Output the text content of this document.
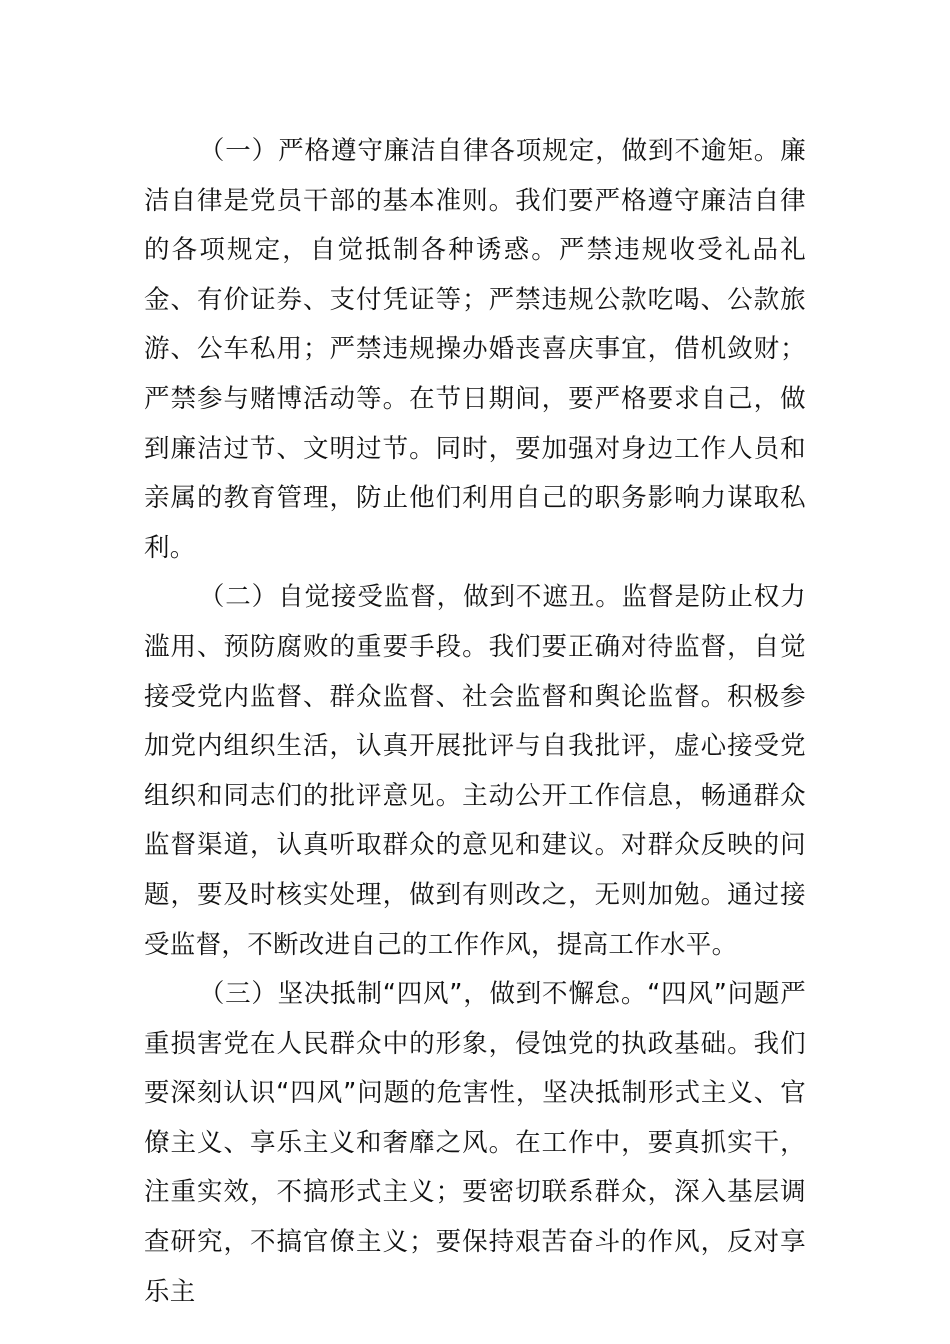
（一）严格遵守廉洁自律各项规定，做到不逾矩。廉洁自律是党员干部的基本准则。我们要严格遵守廉洁自律的各项规定，自觉抵制各种诱惑。严禁违规收受礼品礼金、有价证券、支付凭证等；严禁违规公款吃喝、公款旅游、公车私用；严禁违规操办婚丧喜庆事宜，借机敛财；严禁参与赌博活动等。在节日期间，要严格要求自己，做到廉洁过节、文明过节。同时，要加强对身边工作人员和亲属的教育管理，防止他们利用自己的职务影响力谋取私利。

（二）自觉接受监督，做到不遮丑。监督是防止权力滥用、预防腐败的重要手段。我们要正确对待监督，自觉接受党内监督、群众监督、社会监督和舆论监督。积极参加党内组织生活，认真开展批评与自我批评，虚心接受党组织和同志们的批评意见。主动公开工作信息，畅通群众监督渠道，认真听取群众的意见和建议。对群众反映的问题，要及时核实处理，做到有则改之，无则加勉。通过接受监督，不断改进自己的工作作风，提高工作水平。

（三）坚决抵制“四风”，做到不懈怠。“四风”问题严重损害党在人民群众中的形象，侵蚀党的执政基础。我们要深刻认识“四风”问题的危害性，坚决抵制形式主义、官僚主义、享乐主义和奢靡之风。在工作中，要真抓实干，注重实效，不搞形式主义；要密切联系群众，深入基层调查研究，不搞官僚主义；要保持艰苦奋斗的作风，反对享乐主
